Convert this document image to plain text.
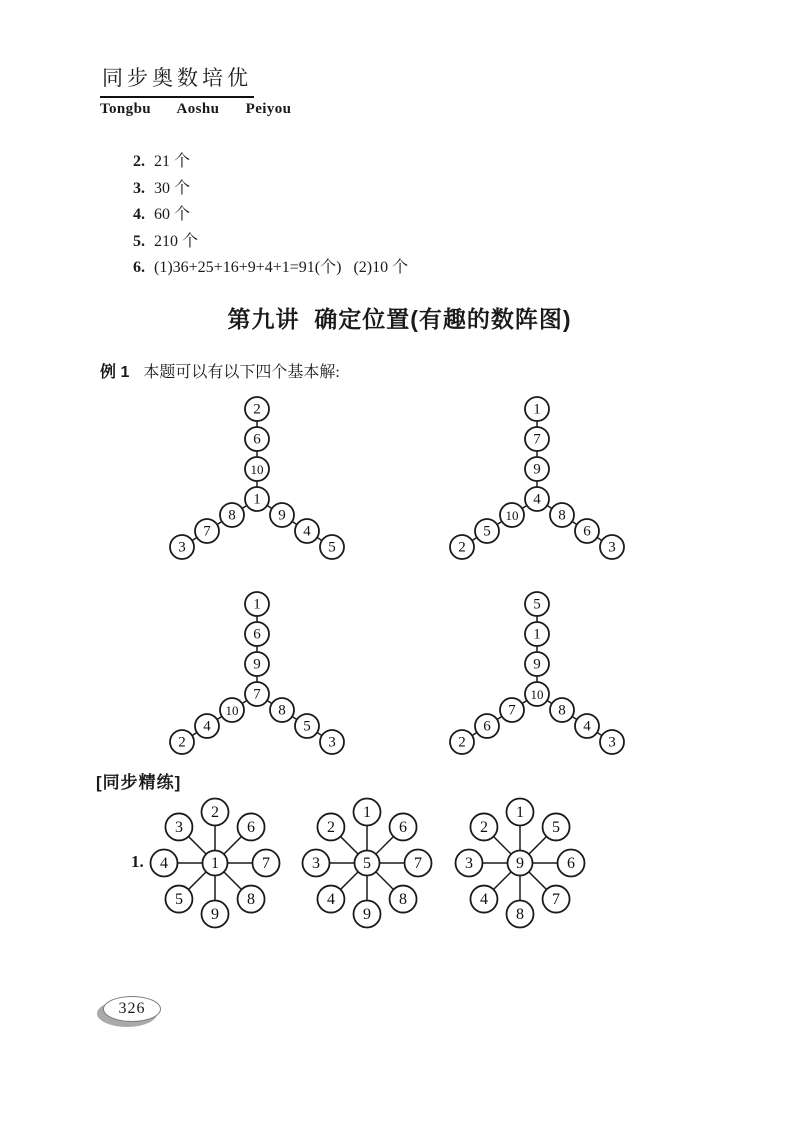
同步奥数培优
Tongbu  Aoshu  Peiyou
2. 21 个
3. 30 个
4. 60 个
5. 210 个
6. (1)36+25+16+9+4+1=91(个)   (2)10 个
第九讲  确定位置(有趣的数阵图)
例 1 本题可以有以下四个基本解:
2
6
10
1
8
7
3
9
4
5
1
7
9
4
10
5
2
8
6
3
1
6
9
7
10
4
2
8
5
3
5
1
9
10
7
6
2
8
4
3
[同步精练]
1.	1
2
6
7
8
9
5
4
3
5
1
6
7
8
9
4
3
2
9
1
5
6
7
8
4
3
2
326
